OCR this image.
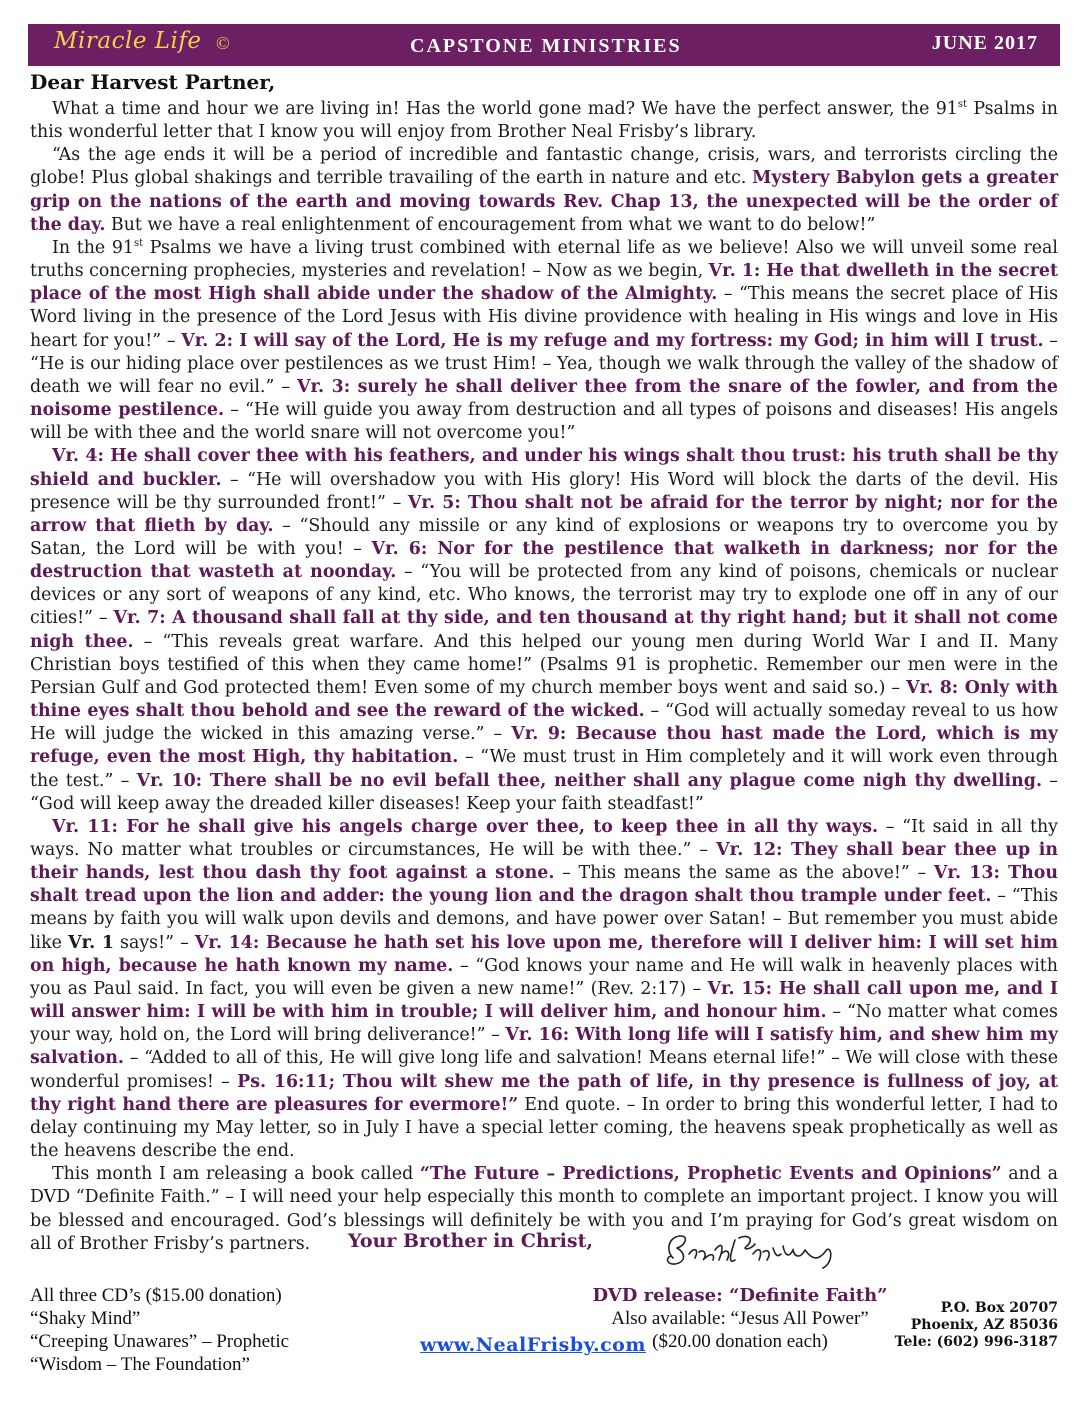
Miracle Life ©	CAPSTONE MINISTRIES	JUNE 2017
Dear Harvest Partner,

What a time and hour we are living in! Has the world gone mad? We have the perfect answer, the 91st Psalms in this wonderful letter that I know you will enjoy from Brother Neal Frisby’s library.

“As the age ends it will be a period of incredible and fantastic change, crisis, wars, and terrorists circling the globe! Plus global shakings and terrible travailing of the earth in nature and etc. Mystery Babylon gets a greater grip on the nations of the earth and moving towards Rev. Chap 13, the unexpected will be the order of the day. But we have a real enlightenment of encouragement from what we want to do below!”

In the 91st Psalms we have a living trust combined with eternal life as we believe! Also we will unveil some real truths concerning prophecies, mysteries and revelation! – Now as we begin, Vr. 1: He that dwelleth in the secret place of the most High shall abide under the shadow of the Almighty. – “This means the secret place of His Word living in the presence of the Lord Jesus with His divine providence with healing in His wings and love in His heart for you!” – Vr. 2: I will say of the Lord, He is my refuge and my fortress: my God; in him will I trust. – “He is our hiding place over pestilences as we trust Him! – Yea, though we walk through the valley of the shadow of death we will fear no evil.” – Vr. 3: surely he shall deliver thee from the snare of the fowler, and from the noisome pestilence. – “He will guide you away from destruction and all types of poisons and diseases! His angels will be with thee and the world snare will not overcome you!”

Vr. 4: He shall cover thee with his feathers, and under his wings shalt thou trust: his truth shall be thy shield and buckler. – “He will overshadow you with His glory! His Word will block the darts of the devil. His presence will be thy surrounded front!” – Vr. 5: Thou shalt not be afraid for the terror by night; nor for the arrow that flieth by day. – “Should any missile or any kind of explosions or weapons try to overcome you by Satan, the Lord will be with you! – Vr. 6: Nor for the pestilence that walketh in darkness; nor for the destruction that wasteth at noonday. – “You will be protected from any kind of poisons, chemicals or nuclear devices or any sort of weapons of any kind, etc. Who knows, the terrorist may try to explode one off in any of our cities!” – Vr. 7: A thousand shall fall at thy side, and ten thousand at thy right hand; but it shall not come nigh thee. – “This reveals great warfare. And this helped our young men during World War I and II. Many Christian boys testified of this when they came home!” (Psalms 91 is prophetic. Remember our men were in the Persian Gulf and God protected them! Even some of my church member boys went and said so.) – Vr. 8: Only with thine eyes shalt thou behold and see the reward of the wicked. – “God will actually someday reveal to us how He will judge the wicked in this amazing verse.” – Vr. 9: Because thou hast made the Lord, which is my refuge, even the most High, thy habitation. – “We must trust in Him completely and it will work even through the test.” – Vr. 10: There shall be no evil befall thee, neither shall any plague come nigh thy dwelling. – “God will keep away the dreaded killer diseases! Keep your faith steadfast!”

Vr. 11: For he shall give his angels charge over thee, to keep thee in all thy ways. – “It said in all thy ways. No matter what troubles or circumstances, He will be with thee.” – Vr. 12: They shall bear thee up in their hands, lest thou dash thy foot against a stone. – This means the same as the above!” – Vr. 13: Thou shalt tread upon the lion and adder: the young lion and the dragon shalt thou trample under feet. – “This means by faith you will walk upon devils and demons, and have power over Satan! – But remember you must abide like Vr. 1 says!” – Vr. 14: Because he hath set his love upon me, therefore will I deliver him: I will set him on high, because he hath known my name. – “God knows your name and He will walk in heavenly places with you as Paul said. In fact, you will even be given a new name!” (Rev. 2:17) – Vr. 15: He shall call upon me, and I will answer him: I will be with him in trouble; I will deliver him, and honour him. – “No matter what comes your way, hold on, the Lord will bring deliverance!” – Vr. 16: With long life will I satisfy him, and shew him my salvation. – “Added to all of this, He will give long life and salvation! Means eternal life!” – We will close with these wonderful promises! – Ps. 16:11; Thou wilt shew me the path of life, in thy presence is fullness of joy, at thy right hand there are pleasures for evermore!” End quote. – In order to bring this wonderful letter, I had to delay continuing my May letter, so in July I have a special letter coming, the heavens speak prophetically as well as the heavens describe the end.

This month I am releasing a book called “The Future – Predictions, Prophetic Events and Opinions” and a DVD “Definite Faith.” – I will need your help especially this month to complete an important project. I know you will be blessed and encouraged. God’s blessings will definitely be with you and I’m praying for God’s great wisdom on all of Brother Frisby’s partners.	Your Brother in Christ,
All three CD’s ($15.00 donation)
“Shaky Mind”
“Creeping Unawares” – Prophetic
“Wisdom – The Foundation”
DVD release: “Definite Faith”
Also available: “Jesus All Power”
($20.00 donation each)
www.NealFrisby.com
P.O. Box 20707
Phoenix, AZ 85036
Tele: (602) 996-3187
